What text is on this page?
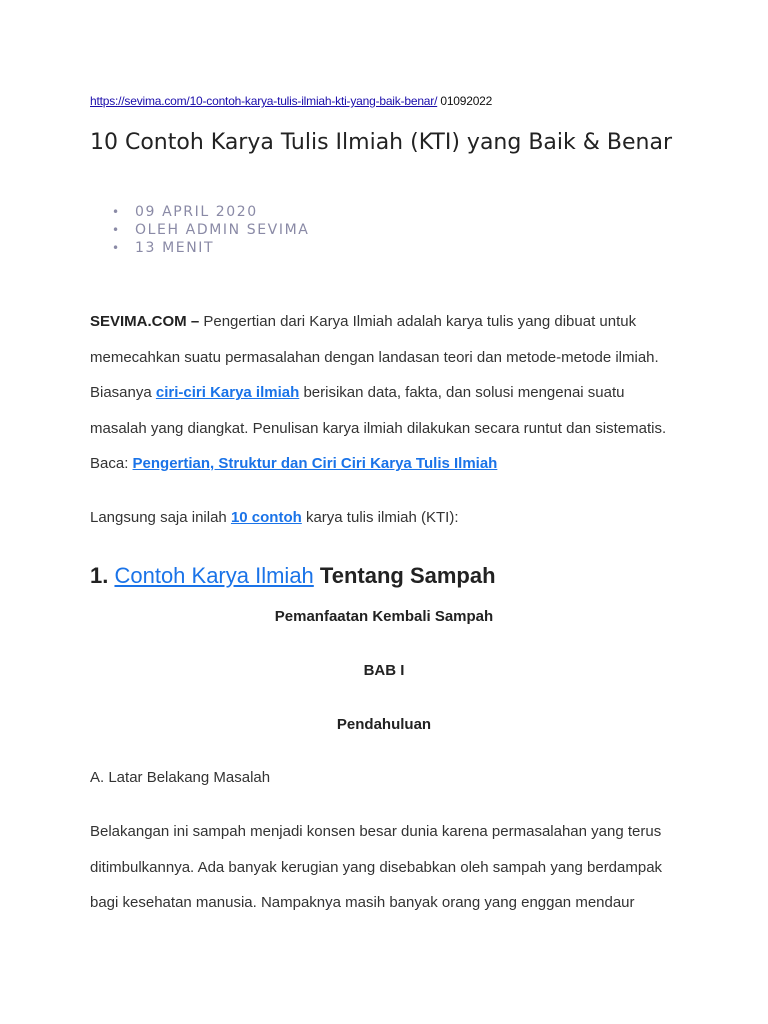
https://sevima.com/10-contoh-karya-tulis-ilmiah-kti-yang-baik-benar/ 01092022
10 Contoh Karya Tulis Ilmiah (KTI) yang Baik & Benar
• 09 APRIL 2020
• OLEH ADMIN SEVIMA
• 13 MENIT

SEVIMA.COM – Pengertian dari Karya Ilmiah adalah karya tulis yang dibuat untuk memecahkan suatu permasalahan dengan landasan teori dan metode-metode ilmiah. Biasanya ciri-ciri Karya ilmiah berisikan data, fakta, dan solusi mengenai suatu masalah yang diangkat. Penulisan karya ilmiah dilakukan secara runtut dan sistematis. Baca: Pengertian, Struktur dan Ciri Ciri Karya Tulis Ilmiah

Langsung saja inilah 10 contoh karya tulis ilmiah (KTI):

1. Contoh Karya Ilmiah Tentang Sampah

Pemanfaatan Kembali Sampah

BAB I

Pendahuluan

A. Latar Belakang Masalah

Belakangan ini sampah menjadi konsen besar dunia karena permasalahan yang terus ditimbulkannya. Ada banyak kerugian yang disebabkan oleh sampah yang berdampak bagi kesehatan manusia. Nampaknya masih banyak orang yang enggan mendaur
